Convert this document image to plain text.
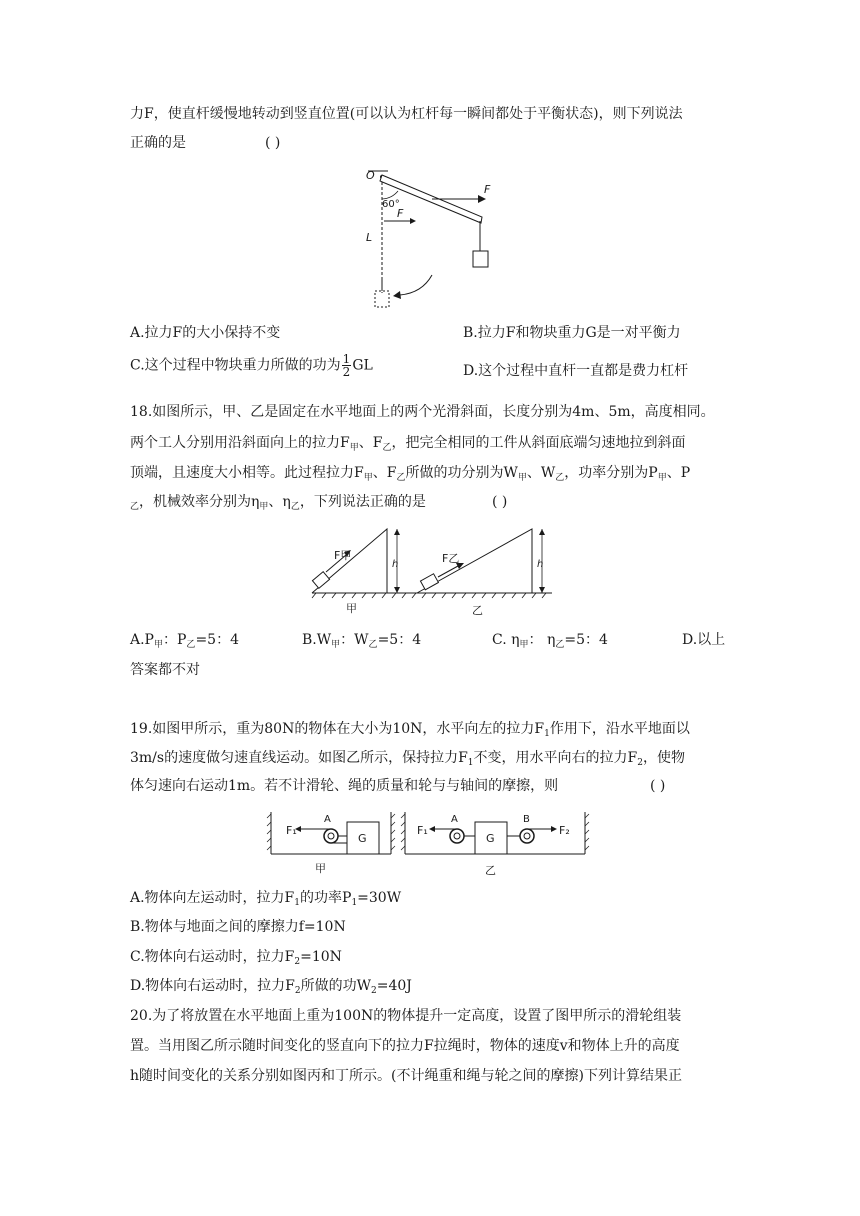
力F，使直杆缓慢地转动到竖直位置(可以认为杠杆每一瞬间都处于平衡状态)，则下列说法
正确的是	( )
O
60°
L
F
F
A.拉力F的大小保持不变	B.拉力F和物块重力G是一对平衡力
C.这个过程中物块重力所做的功为 $\frac{1}{2}$ GL	D.这个过程中直杆一直都是费力杠杆
18.如图所示，甲、乙是固定在水平地面上的两个光滑斜面，长度分别为4m、5m，高度相同。
两个工人分别用沿斜面向上的拉力$F_甲$、$F_乙$，把完全相同的工件从斜面底端匀速地拉到斜面
顶端，且速度大小相等。此过程拉力$F_甲$、$F_乙$所做的功分别为$W_甲$、$W_乙$，功率分别为$P_甲$、P
$_乙$，机械效率分别为$\eta_甲$、$\eta_乙$，下列说法正确的是	( )
F甲	F乙
h	h
甲	乙
$A.P_甲$：$P_乙=5$：4	$B.W_甲$：$W_乙=5$：4	C. $\eta_甲$： $\eta_乙=5$：4	D.以上
答案都不对
19.如图甲所示，重为80N的物体在大小为10N，水平向左的拉力$F_1$作用下，沿水平地面以
3m/s的速度做匀速直线运动。如图乙所示，保持拉力$F_1$不变，用水平向右的拉力$F_2$，使物
体匀速向右运动1m。若不计滑轮、绳的质量和轮与与轴间的摩擦，则	( )
F₁
A
G
甲
F₁
A
G
B
F₂
乙
A.物体向左运动时，拉力$F_1$的功率$P_1=30W$
B.物体与地面之间的摩擦力f=10N
C.物体向右运动时，拉力$F_2=10N$
D.物体向右运动时，拉力$F_2$所做的功$W_2=40J$
20.为了将放置在水平地面上重为100N的物体提升一定高度，设置了图甲所示的滑轮组装
置。当用图乙所示随时间变化的竖直向下的拉力F拉绳时，物体的速度v和物体上升的高度
h随时间变化的关系分别如图丙和丁所示。(不计绳重和绳与轮之间的摩擦)下列计算结果正
